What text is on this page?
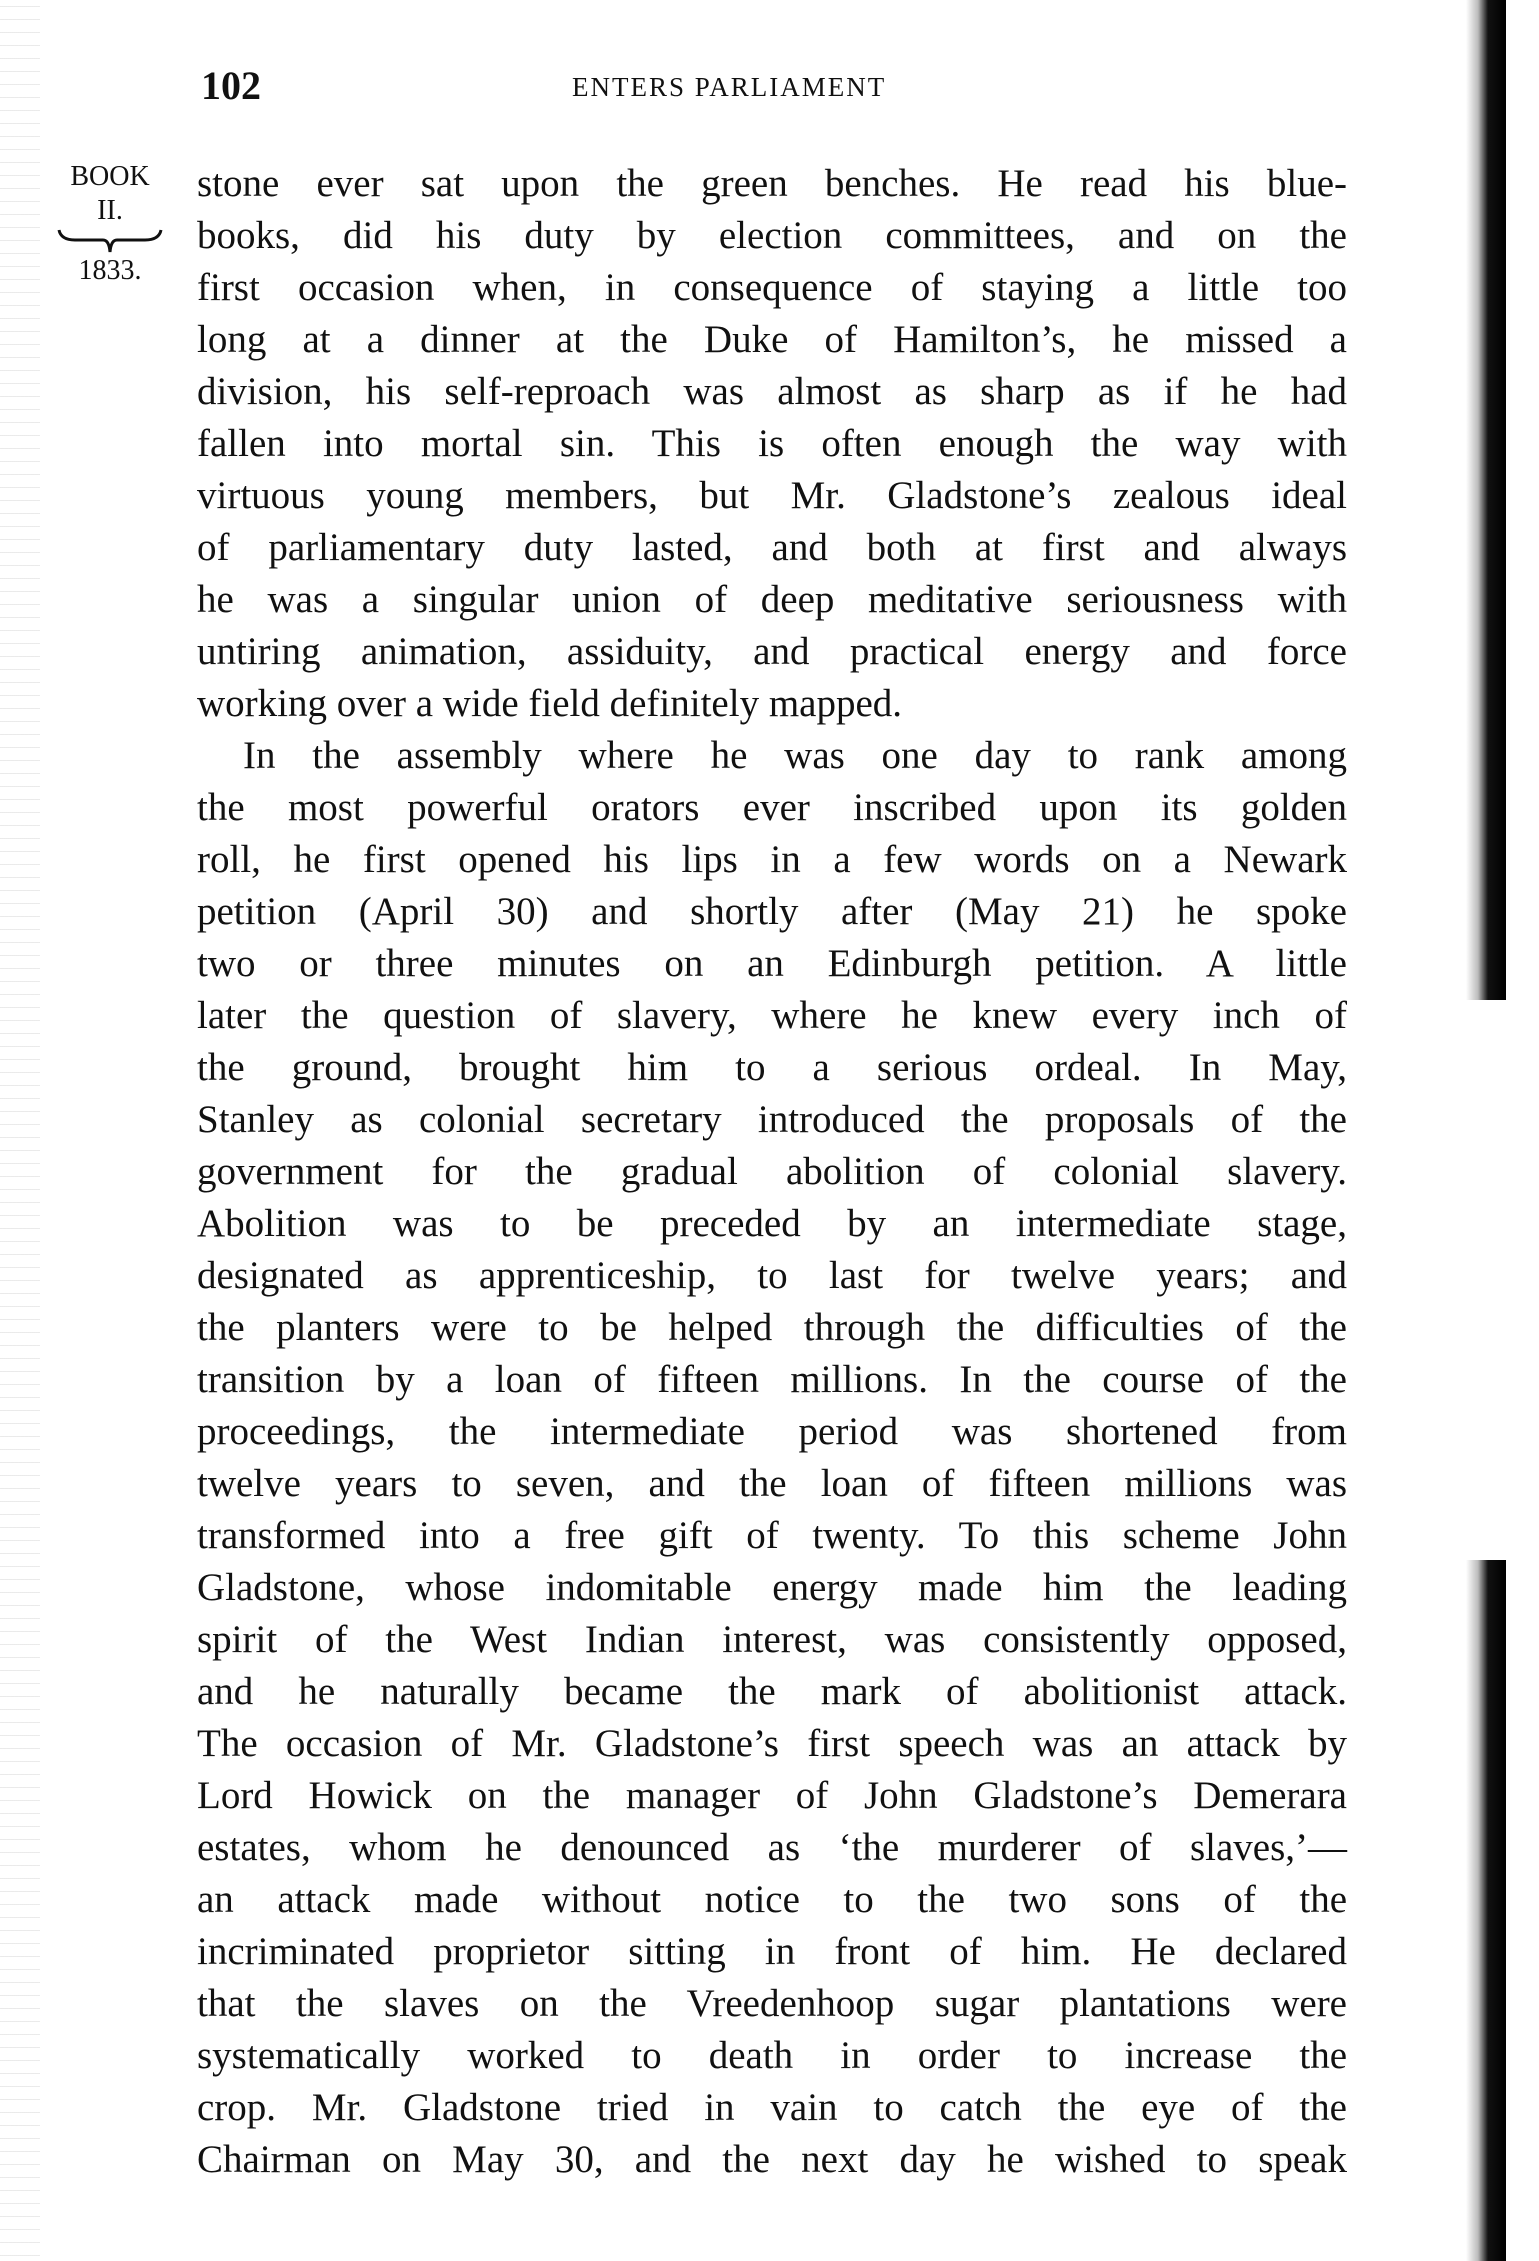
102	ENTERS PARLIAMENT
BOOK
II.
1833.
stone ever sat upon the green benches. He read his blue-
books, did his duty by election committees, and on the
first occasion when, in consequence of staying a little too
long at a dinner at the Duke of Hamilton’s, he missed a
division, his self-reproach was almost as sharp as if he had
fallen into mortal sin. This is often enough the way with
virtuous young members, but Mr. Gladstone’s zealous ideal
of parliamentary duty lasted, and both at first and always
he was a singular union of deep meditative seriousness with
untiring animation, assiduity, and practical energy and force
working over a wide field definitely mapped.
In the assembly where he was one day to rank among
the most powerful orators ever inscribed upon its golden
roll, he first opened his lips in a few words on a Newark
petition (April 30) and shortly after (May 21) he spoke
two or three minutes on an Edinburgh petition. A little
later the question of slavery, where he knew every inch of
the ground, brought him to a serious ordeal. In May,
Stanley as colonial secretary introduced the proposals of the
government for the gradual abolition of colonial slavery.
Abolition was to be preceded by an intermediate stage,
designated as apprenticeship, to last for twelve years; and
the planters were to be helped through the difficulties of the
transition by a loan of fifteen millions. In the course of the
proceedings, the intermediate period was shortened from
twelve years to seven, and the loan of fifteen millions was
transformed into a free gift of twenty. To this scheme John
Gladstone, whose indomitable energy made him the leading
spirit of the West Indian interest, was consistently opposed,
and he naturally became the mark of abolitionist attack.
The occasion of Mr. Gladstone’s first speech was an attack by
Lord Howick on the manager of John Gladstone’s Demerara
estates, whom he denounced as ‘the murderer of slaves,’—
an attack made without notice to the two sons of the
incriminated proprietor sitting in front of him. He declared
that the slaves on the Vreedenhoop sugar plantations were
systematically worked to death in order to increase the
crop. Mr. Gladstone tried in vain to catch the eye of the
Chairman on May 30, and the next day he wished to speak
